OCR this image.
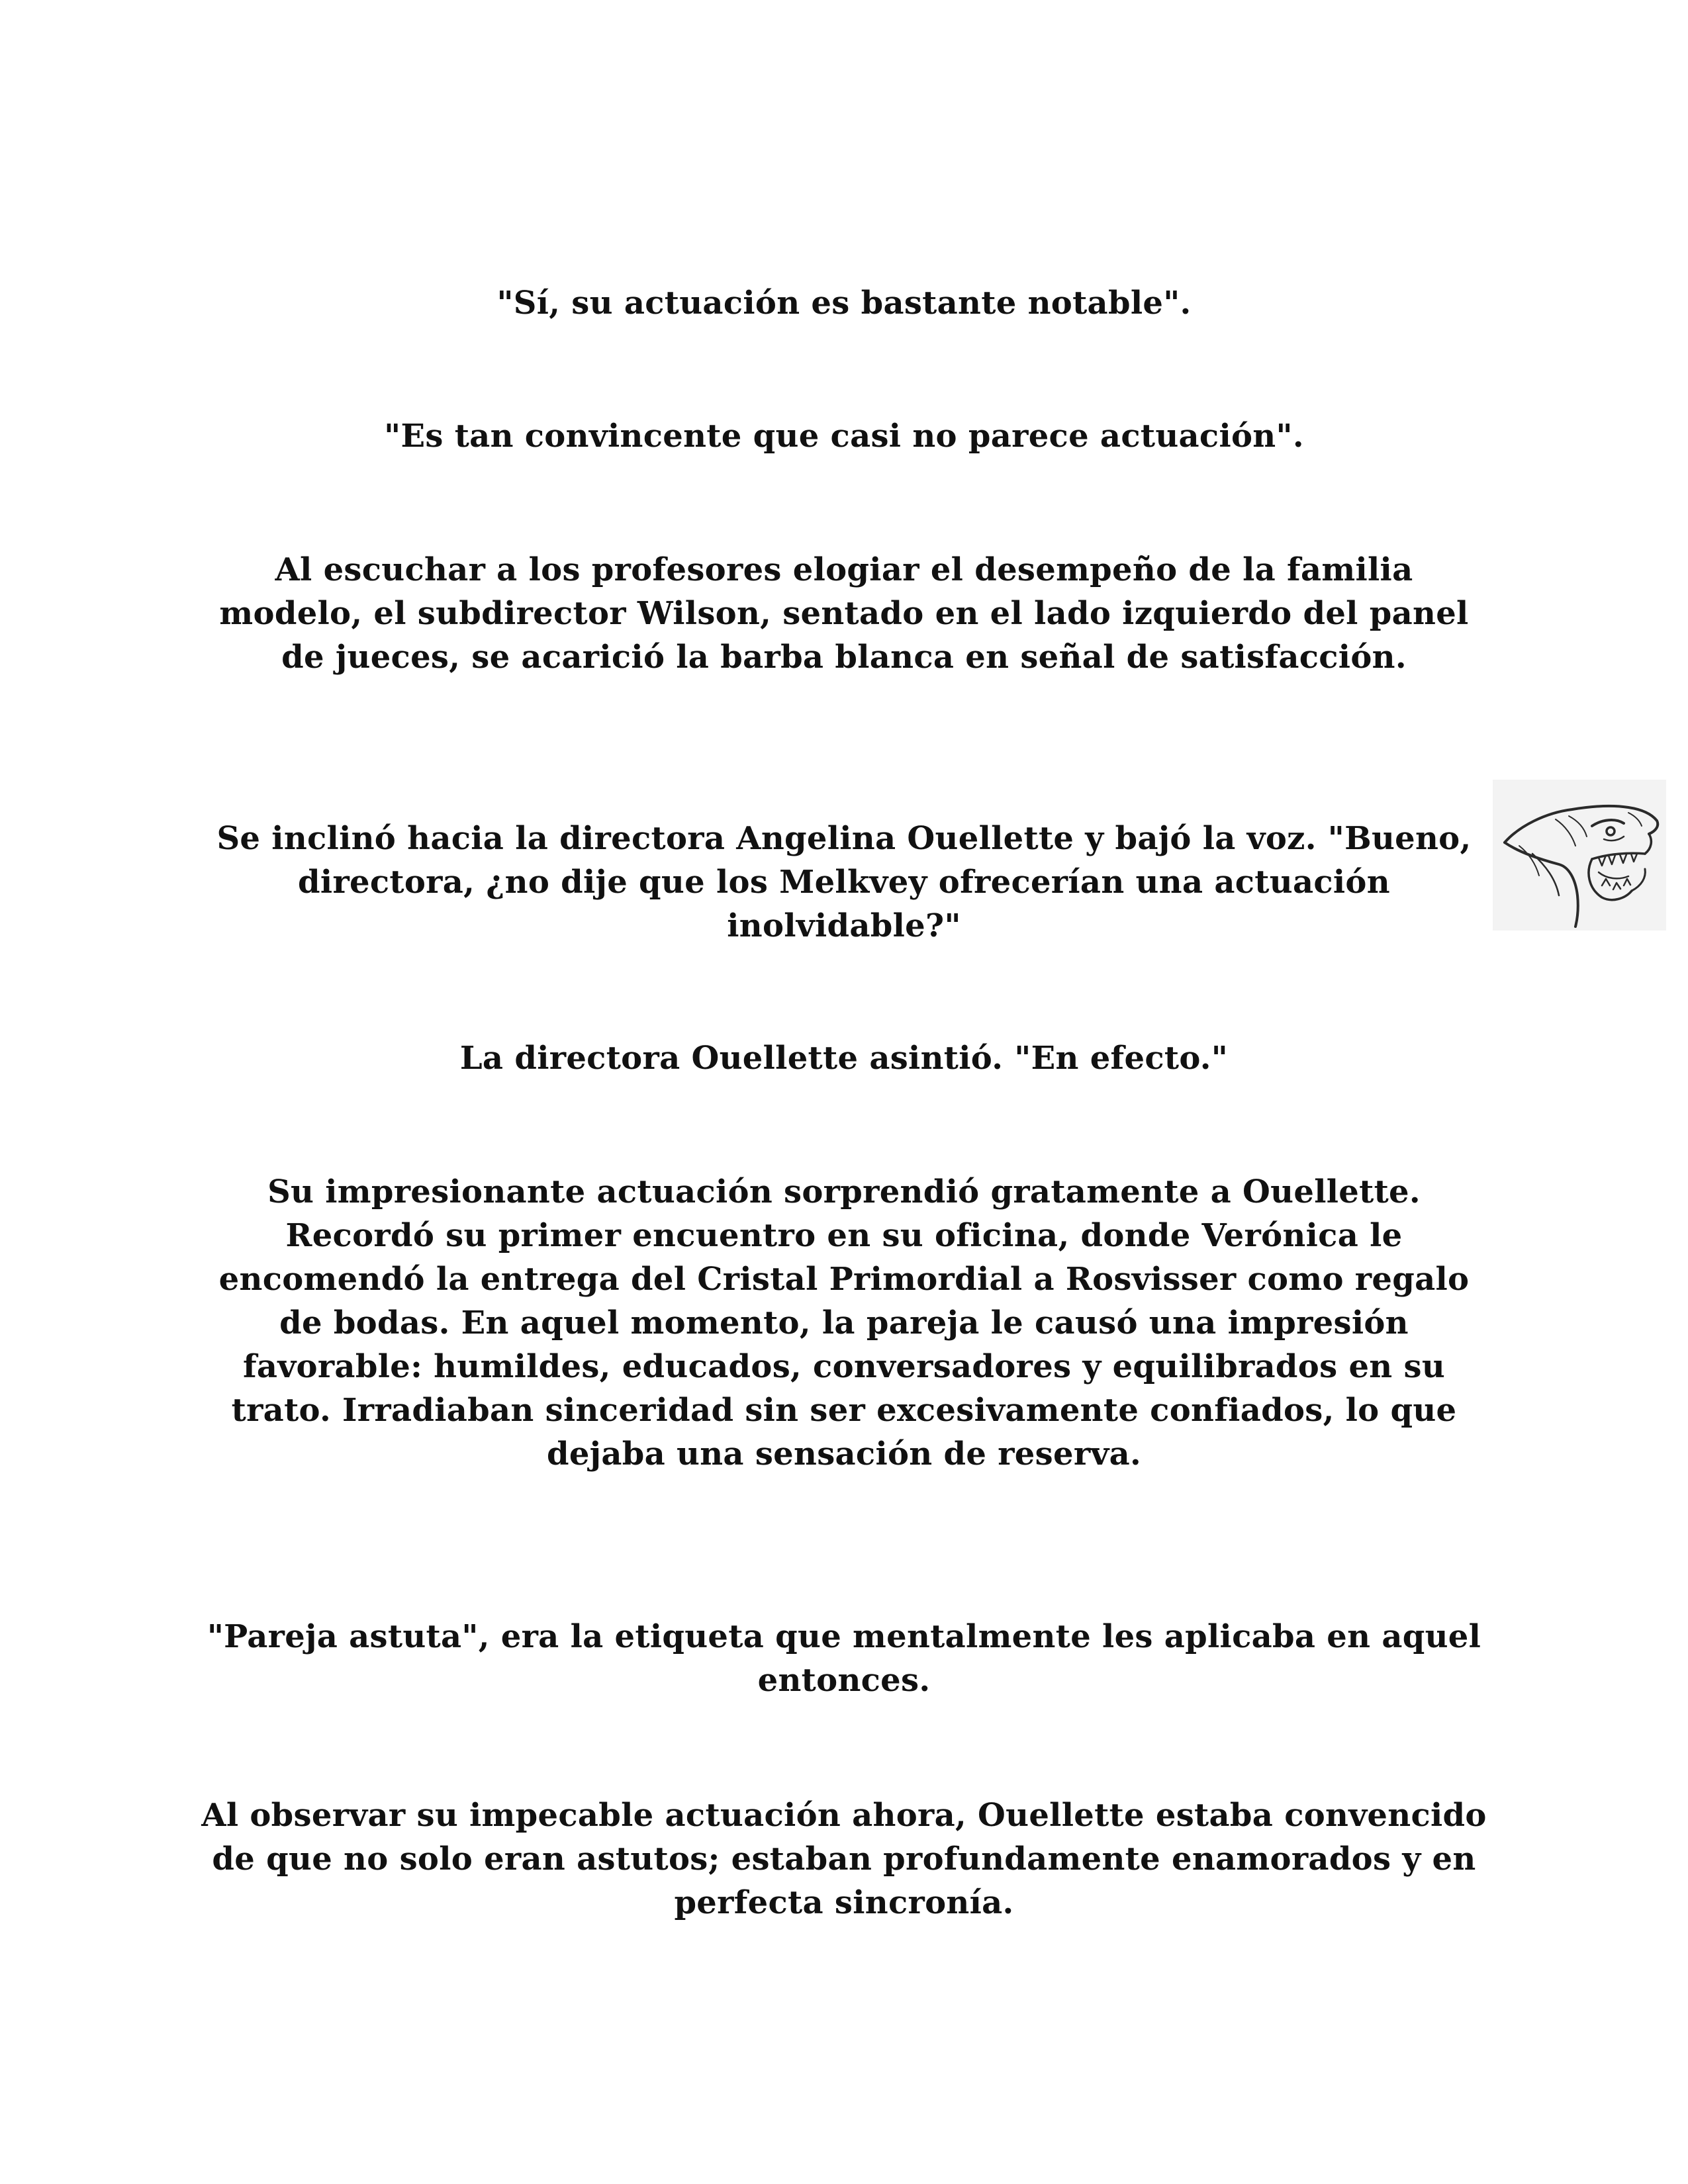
"Sí, su actuación es bastante notable".

"Es tan convincente que casi no parece actuación".

Al escuchar a los profesores elogiar el desempeño de la familia modelo, el subdirector Wilson, sentado en el lado izquierdo del panel de jueces, se acarició la barba blanca en señal de satisfacción.

Se inclinó hacia la directora Angelina Ouellette y bajó la voz. "Bueno, directora, ¿no dije que los Melkvey ofrecerían una actuación inolvidable?"

La directora Ouellette asintió. "En efecto."

Su impresionante actuación sorprendió gratamente a Ouellette. Recordó su primer encuentro en su oficina, donde Verónica le encomendó la entrega del Cristal Primordial a Rosvisser como regalo de bodas. En aquel momento, la pareja le causó una impresión favorable: humildes, educados, conversadores y equilibrados en su trato. Irradiaban sinceridad sin ser excesivamente confiados, lo que dejaba una sensación de reserva.

"Pareja astuta", era la etiqueta que mentalmente les aplicaba en aquel entonces.

Al observar su impecable actuación ahora, Ouellette estaba convencido de que no solo eran astutos; estaban profundamente enamorados y en perfecta sincronía.
